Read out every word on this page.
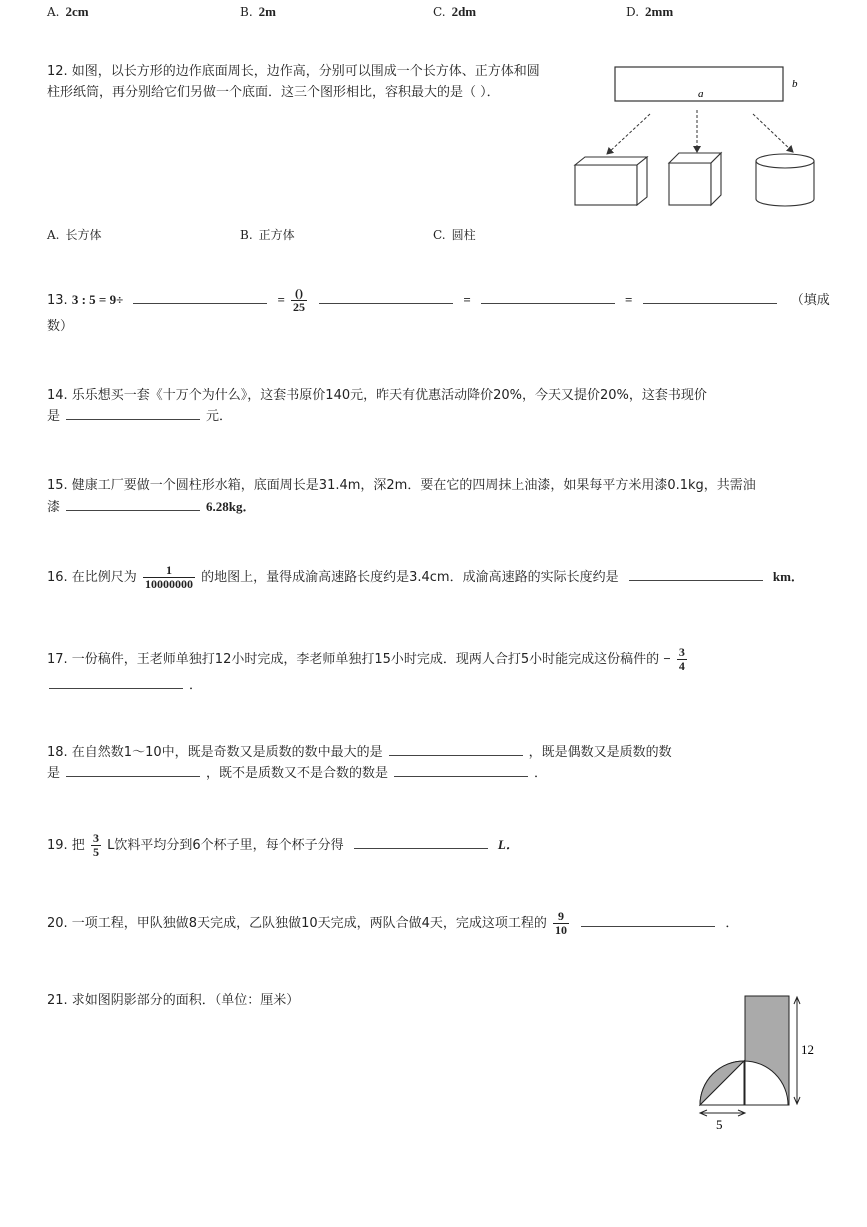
A. 2cm	B. 2m	C. 2dm	D. 2mm
12. 如图，以长方形的边作底面周长，边作高，分别可以围成一个长方体、正方体和圆
柱形纸筒，再分别给它们另做一个底面．这三个图形相比，容积最大的是（ ）．	a
b
A. 长方体	B. 正方体	C. 圆柱
13. 3 : 5 = 9÷	= $\frac{()}{25}$	=	=	（填成
数）
14. 乐乐想买一套《十万个为什么》，这套书原价140元，昨天有优惠活动降价20%，今天又提价20%，这套书现价
是	元．
15. 健康工厂要做一个圆柱形水箱，底面周长是31.4m，深2m．要在它的四周抹上油漆，如果每平方米用漆0.1kg，共需油
漆	6.28kg．
16. 在比例尺为 $\frac{1}{10000000}$ 的地图上，量得成渝高速路长度约是3.4cm．成渝高速路的实际长度约是	km．
17. 一份稿件，王老师单独打12小时完成，李老师单独打15小时完成．现两人合打5小时能完成这份稿件的 − $\frac{3}{4}$
．
18. 在自然数1～10中，既是奇数又是质数的数中最大的是	，既是偶数又是质数的数
是	，既不是质数又不是合数的数是	．
19. 把 $\frac{3}{5}$ L饮料平均分到6个杯子里，每个杯子分得	L．
20. 一项工程，甲队独做8天完成，乙队独做10天完成，两队合做4天，完成这项工程的 $\frac{9}{10}$	．
21. 求如图阴影部分的面积．（单位：厘米）
12
5
